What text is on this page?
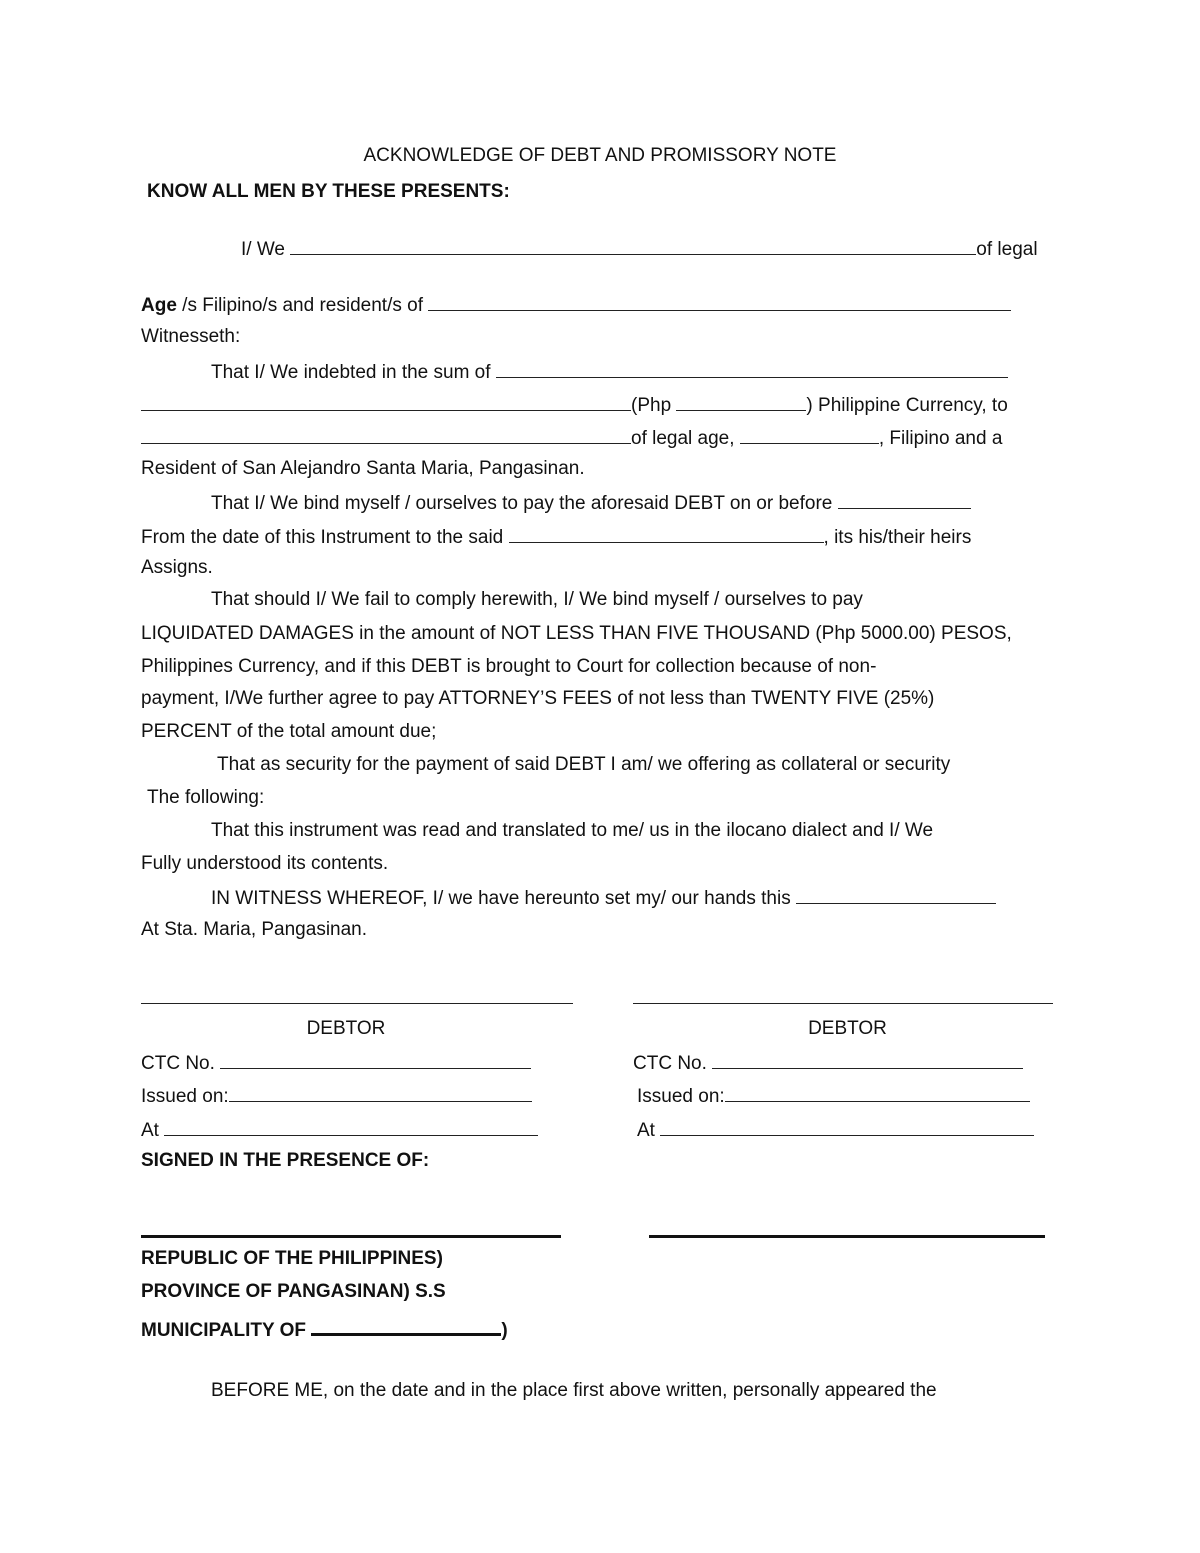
ACKNOWLEDGE OF DEBT AND PROMISSORY NOTE
KNOW ALL MEN BY THESE PRESENTS:
I/ We	of legal
Age /s Filipino/s and resident/s of
Witnesseth:
That I/ We indebted in the sum of
(Php	) Philippine Currency, to
of legal age,	, Filipino and a
Resident of San Alejandro Santa Maria, Pangasinan.
That I/ We bind myself / ourselves to pay the aforesaid DEBT on or before
From the date of this Instrument to the said	, its his/their heirs
Assigns.
That should I/ We fail to comply herewith, I/ We bind myself / ourselves to pay
LIQUIDATED DAMAGES in the amount of NOT LESS THAN FIVE THOUSAND (Php 5000.00) PESOS,
Philippines Currency, and if this DEBT is brought to Court for collection because of non-
payment, I/We further agree to pay ATTORNEY’S FEES of not less than TWENTY FIVE (25%)
PERCENT of the total amount due;
That as security for the payment of said DEBT I am/ we offering as collateral or security
The following:
That this instrument was read and translated to me/ us in the ilocano dialect and I/ We
Fully understood its contents.
IN WITNESS WHEREOF, I/ we have hereunto set my/ our hands this
At Sta. Maria, Pangasinan.
DEBTOR	DEBTOR
CTC No.	CTC No.
Issued on:	Issued on:
At	At
SIGNED IN THE PRESENCE OF:
REPUBLIC OF THE PHILIPPINES)
PROVINCE OF PANGASINAN) S.S
MUNICIPALITY OF	)
BEFORE ME, on the date and in the place first above written, personally appeared the
